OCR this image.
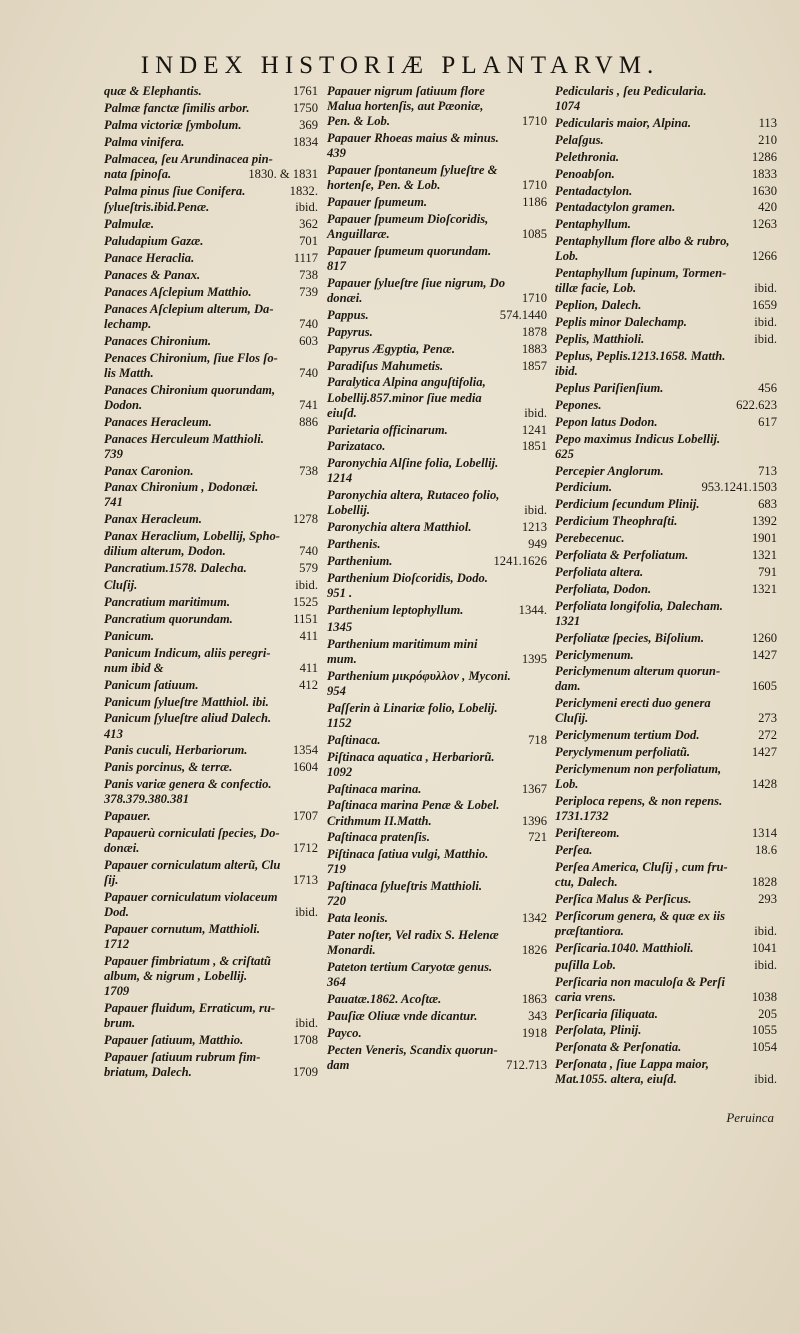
INDEX HISTORIÆ PLANTARVM.
quæ & Elephantis.	1761
Palmæ fanctæ ſimilis arbor.	1750
Palma victoriæ ſymbolum.	369
Palma vinifera.	1834
Palmacea, ſeu Arundinacea pin-
nata ſpinoſa.	1830. & 1831
Palma pinus ſiue Conifera.	1832.
ſylueſtris.ibid.Penæ.	ibid.
Palmulæ.	362
Paludapium Gazæ.	701
Panace Heraclia.	1117
Panaces & Panax.	738
Panaces Aſclepium Matthio.	739
Panaces Aſclepium alterum, Da-
lechamp.	740
Panaces Chironium.	603
Penaces Chironium, ſiue Flos ſo-
lis Matth.	740
Panaces Chironium quorundam,
Dodon.	741
Panaces Heracleum.	886
Panaces Herculeum Matthioli.
739
Panax Caronion.	738
Panax Chironium , Dodonæi.
741
Panax Heracleum.	1278
Panax Heraclium, Lobellij, Spho-
dilium alterum, Dodon.	740
Pancratium.1578. Dalecha.	579
Cluſij.	ibid.
Pancratium maritimum.	1525
Pancratium quorundam.	1151
Panicum.	411
Panicum Indicum, aliis peregri-
num ibid &	411
Panicum ſatiuum.	412
Panicum ſylueſtre Matthiol. ibi.
Panicum ſylueſtre aliud Dalech.
413
Panis cuculi, Herbariorum.	1354
Panis porcinus, & terræ.	1604
Panis variæ genera & confectio.
378.379.380.381
Papauer.	1707
Papauerù corniculati ſpecies, Do-
donæi.	1712
Papauer corniculatum alterũ, Clu
ſij.	1713
Papauer corniculatum violaceum
Dod.	ibid.
Papauer cornutum, Matthioli.
1712
Papauer fimbriatum , & criſtatũ
album, & nigrum , Lobellij.
1709
Papauer fluidum, Erraticum, ru-
brum.	ibid.
Papauer ſatiuum, Matthio.	1708
Papauer ſatiuum rubrum fim-
briatum, Dalech.	1709
Papauer nigrum ſatiuum flore
Malua hortenſis, aut Pæoniæ,
Pen. & Lob.	1710
Papauer Rhoeas maius & minus.
439
Papauer ſpontaneum ſylueſtre &
hortenſe, Pen. & Lob.	1710
Papauer ſpumeum.	1186
Papauer ſpumeum Dioſcoridis,
Anguillaræ.	1085
Papauer ſpumeum quorundam.
817
Papauer ſylueſtre ſiue nigrum, Do
donæi.	1710
Pappus.	574.1440
Papyrus.	1878
Papyrus Ægyptia, Penæ.	1883
Paradiſus Mahumetis.	1857
Paralytica Alpina anguſtifolia,
Lobellij.857.minor ſiue media
eiuſd.	ibid.
Parietaria officinarum.	1241
Parizataco.	1851
Paronychia Alſine folia, Lobellij.
1214
Paronychia altera, Rutaceo folio,
Lobellij.	ibid.
Paronychia altera Matthiol.	1213
Parthenis.	949
Parthenium.	1241.1626
Parthenium Dioſcoridis, Dodo.
951 .
Parthenium leptophyllum.	1344.
1345
Parthenium maritimum mini
mum.	1395
Parthenium μικρόφυλλον , Myconi.
954
Paſſerin à Linariæ folio, Lobelij.
1152
Paſtinaca.	718
Piſtinaca aquatica , Herbariorũ.
1092
Paſtinaca marina.	1367
Paſtinaca marina Penæ & Lobel.
Crithmum II.Matth.	1396
Paſtinaca pratenſis.	721
Piſtinaca ſatiua vulgi, Matthio.
719
Paſtinaca ſylueſtris Matthioli.
720
Pata leonis.	1342
Pater noſter, Vel radix S. Helenæ
Monardi.	1826
Pateton tertium Caryotæ genus.
364
Pauatæ.1862. Acoſtæ.	1863
Pauſiæ Oliuæ vnde dicantur.	343
Payco.	1918
Pecten Veneris, Scandix quorun-
dam	712.713
Pedicularis , ſeu Pedicularia.
1074
Pedicularis maior, Alpina.	113
Pelaſgus.	210
Pelethronia.	1286
Penoabſon.	1833
Pentadactylon.	1630
Pentadactylon gramen.	420
Pentaphyllum.	1263
Pentaphyllum flore albo & rubro,
Lob.	1266
Pentaphyllum ſupinum, Tormen-
tillæ facie, Lob.	ibid.
Peplion, Dalech.	1659
Peplis minor Dalechamp.	ibid.
Peplis, Matthioli.	ibid.
Peplus, Peplis.1213.1658. Matth.
ibid.
Peplus Pariſienſium.	456
Pepones.	622.623
Pepon latus Dodon.	617
Pepo maximus Indicus Lobellij.
625
Percepier Anglorum.	713
Perdicium.	953.1241.1503
Perdicium ſecundum Plinij.	683
Perdicium Theophraſti.	1392
Perebecenuc.	1901
Perfoliata & Perfoliatum.	1321
Perfoliata altera.	791
Perfoliata, Dodon.	1321
Perfoliata longifolia, Dalecham.
1321
Perfoliatæ ſpecies, Biſolium.	1260
Periclymenum.	1427
Periclymenum alterum quorun-
dam.	1605
Periclymeni erecti duo genera
Cluſij.	273
Periclymenum tertium Dod.	272
Peryclymenum perfoliatũ.	1427
Periclymenum non perfoliatum,
Lob.	1428
Periploca repens, & non repens.
1731.1732
Periſtereom.	1314
Perſea.	18.6
Perſea America, Cluſij , cum fru-
ctu, Dalech.	1828
Perſica Malus & Perſicus.	293
Perſicorum genera, & quæ ex iis
præſtantiora.	ibid.
Perſicaria.1040. Matthioli.	1041
puſilla Lob.	ibid.
Perſicaria non maculoſa & Perſi
caria vrens.	1038
Perſicaria ſiliquata.	205
Perſolata, Plinij.	1055
Perſonata & Perſonatia.	1054
Perſonata , ſiue Lappa maior,
Mat.1055. altera, eiuſd.	ibid.
Peruinca
